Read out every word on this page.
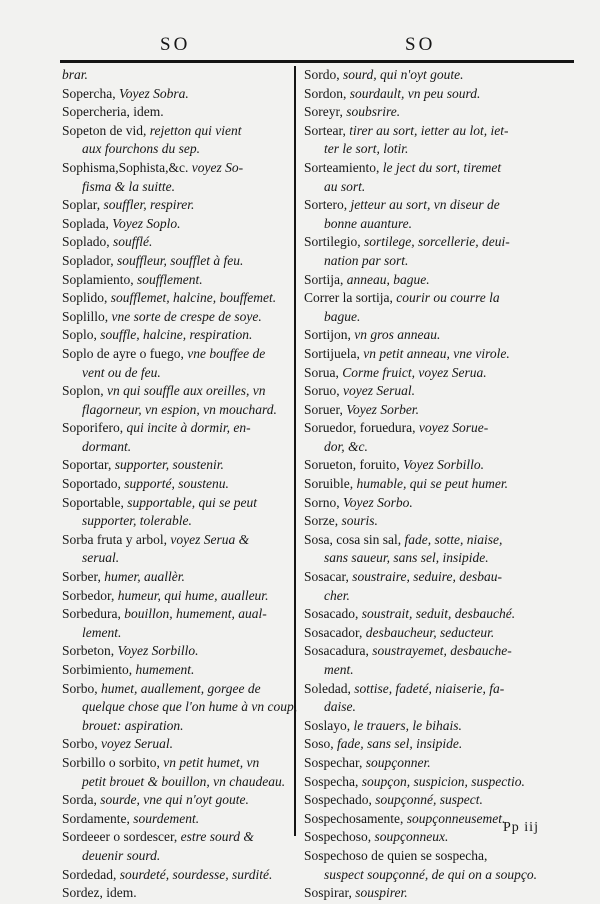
SO	SO
brar.
Sopercha, Voyez Sobra.
Sopercheria, idem.
Sopeton de vid, rejetton qui vient
aux fourchons du sep.
Sophisma,Sophista,&c. voyez So-
fisma & la suitte.
Soplar, souffler, respirer.
Soplada, Voyez Soplo.
Soplado, soufflé.
Soplador, souffleur, soufflet à feu.
Soplamiento, soufflement.
Soplido, soufflemet, halcine, bouffemet.
Soplillo, vne sorte de crespe de soye.
Soplo, souffle, halcine, respiration.
Soplo de ayre o fuego, vne bouffee de
vent ou de feu.
Soplon, vn qui souffle aux oreilles, vn
flagorneur, vn espion, vn mouchard.
Soporifero, qui incite à dormir, en-
dormant.
Soportar, supporter, soustenir.
Soportado, supporté, soustenu.
Soportable, supportable, qui se peut
supporter, tolerable.
Sorba fruta y arbol, voyez Serua &
serual.
Sorber, humer, auallèr.
Sorbedor, humeur, qui hume, aualleur.
Sorbedura, bouillon, humement, aual-
lement.
Sorbeton, Voyez Sorbillo.
Sorbimiento, humement.
Sorbo, humet, auallement, gorgee de
quelque chose que l'on hume à vn coup,
brouet: aspiration.
Sorbo, voyez Serual.
Sorbillo o sorbito, vn petit humet, vn
petit brouet & bouillon, vn chaudeau.
Sorda, sourde, vne qui n'oyt goute.
Sordamente, sourdement.
Sordeeer o sordescer, estre sourd &
deuenir sourd.
Sordedad, sourdeté, sourdesse, surdité.
Sordez, idem.
Sordo, sourd, qui n'oyt goute.
Sordon, sourdault, vn peu sourd.
Soreyr, soubsrire.
Sortear, tirer au sort, ietter au lot, iet-
ter le sort, lotir.
Sorteamiento, le ject du sort, tiremet
au sort.
Sortero, jetteur au sort, vn diseur de
bonne auanture.
Sortilegio, sortilege, sorcellerie, deui-
nation par sort.
Sortija, anneau, bague.
Correr la sortija, courir ou courre la
bague.
Sortijon, vn gros anneau.
Sortijuela, vn petit anneau, vne virole.
Sorua, Corme fruict, voyez Serua.
Soruo, voyez Serual.
Soruer, Voyez Sorber.
Soruedor, foruedura, voyez Sorue-
dor, &c.
Sorueton, foruito, Voyez Sorbillo.
Soruible, humable, qui se peut humer.
Sorno, Voyez Sorbo.
Sorze, souris.
Sosa, cosa sin sal, fade, sotte, niaise,
sans saueur, sans sel, insipide.
Sosacar, soustraire, seduire, desbau-
cher.
Sosacado, soustrait, seduit, desbauché.
Sosacador, desbaucheur, seducteur.
Sosacadura, soustrayemet, desbauche-
ment.
Soledad, sottise, fadeté, niaiserie, fa-
daise.
Soslayo, le trauers, le bihais.
Soso, fade, sans sel, insipide.
Sospechar, soupçonner.
Sospecha, soupçon, suspicion, suspectio.
Sospechado, soupçonné, suspect.
Sospechosamente, soupçonneusemet.
Sospechoso, soupçonneux.
Sospechoso de quien se sospecha,
suspect soupçonné, de qui on a soupço.
Sospirar, souspirer.
Pp iij
